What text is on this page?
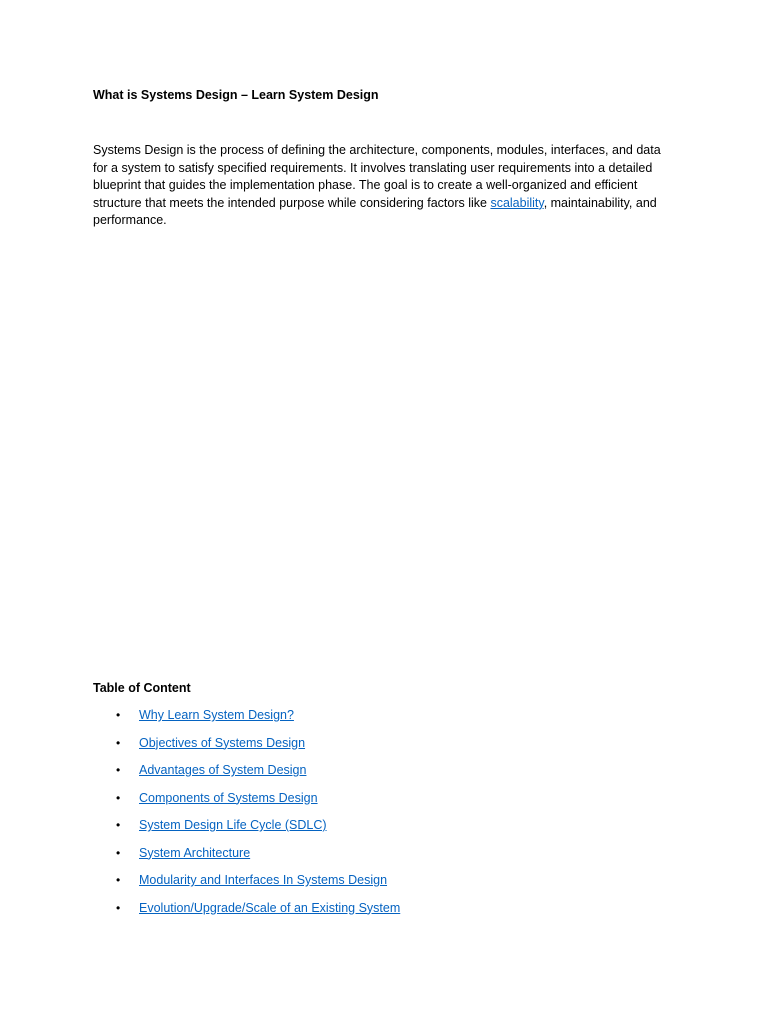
What is Systems Design – Learn System Design

Systems Design is the process of defining the architecture, components, modules, interfaces, and data for a system to satisfy specified requirements. It involves translating user requirements into a detailed blueprint that guides the implementation phase. The goal is to create a well-organized and efficient structure that meets the intended purpose while considering factors like scalability, maintainability, and performance.

Table of Content
• Why Learn System Design?
• Objectives of Systems Design
• Advantages of System Design
• Components of Systems Design
• System Design Life Cycle (SDLC)
• System Architecture
• Modularity and Interfaces In Systems Design
• Evolution/Upgrade/Scale of an Existing System
